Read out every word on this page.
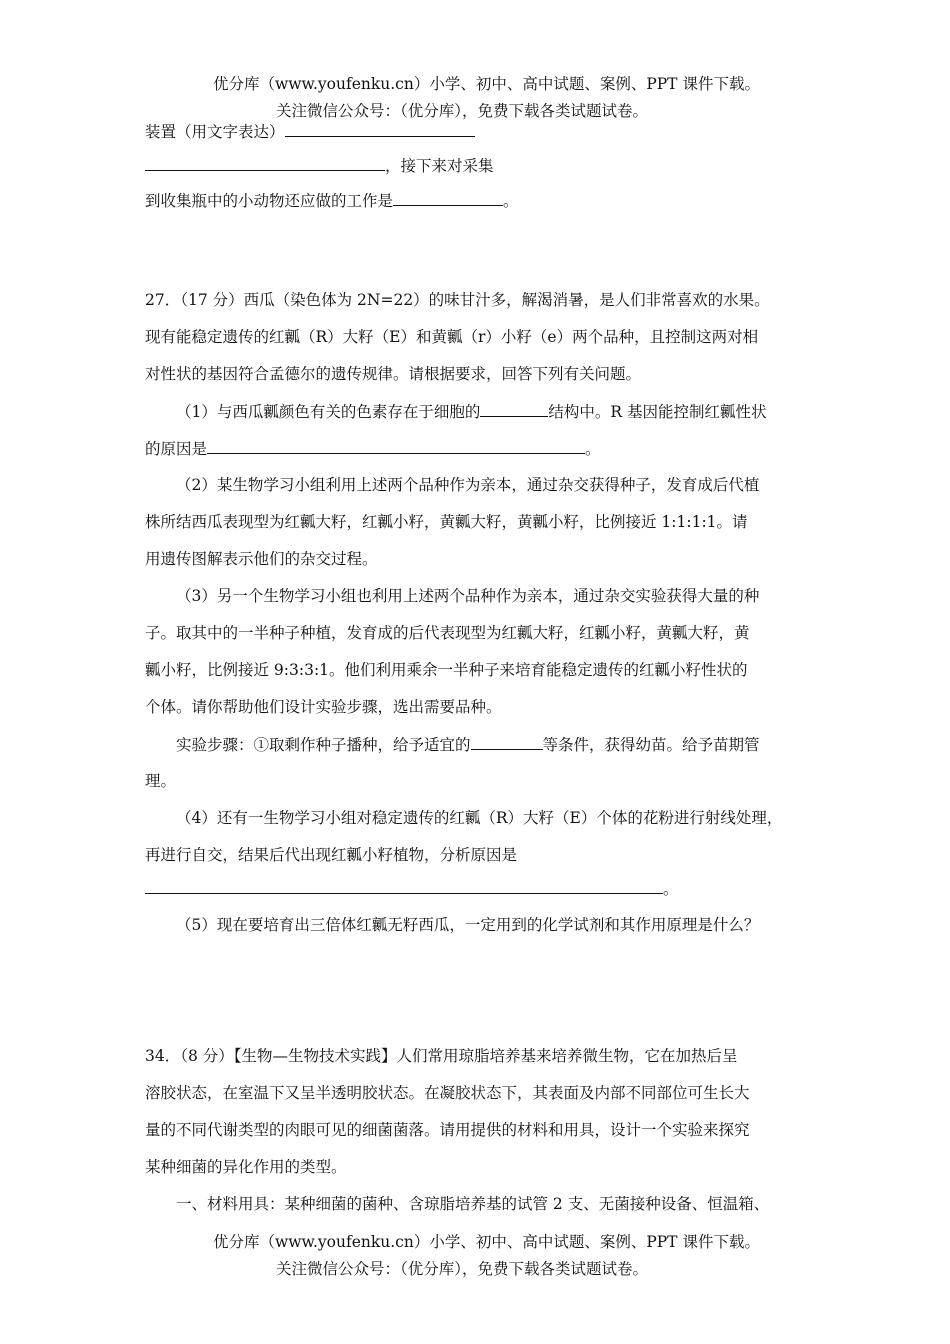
优分库（www.youfenku.cn）小学、初中、高中试题、案例、PPT 课件下载。
关注微信公众号：（优分库），免费下载各类试题试卷。
装置（用文字表达）
，接下来对采集
到收集瓶中的小动物还应做的工作是	。
27．（17 分）西瓜（染色体为 2N=22）的味甘汁多，解渴消暑，是人们非常喜欢的水果。
现有能稳定遗传的红瓤（R）大籽（E）和黄瓤（r）小籽（e）两个品种，且控制这两对相
对性状的基因符合孟德尔的遗传规律。请根据要求，回答下列有关问题。
（1）与西瓜瓤颜色有关的色素存在于细胞的	结构中。R 基因能控制红瓤性状
的原因是	。
（2）某生物学习小组利用上述两个品种作为亲本，通过杂交获得种子，发育成后代植
株所结西瓜表现型为红瓤大籽，红瓤小籽，黄瓤大籽，黄瓤小籽，比例接近 1:1:1:1。请
用遗传图解表示他们的杂交过程。
（3）另一个生物学习小组也利用上述两个品种作为亲本，通过杂交实验获得大量的种
子。取其中的一半种子种植，发育成的后代表现型为红瓤大籽，红瓤小籽，黄瓤大籽，黄
瓤小籽，比例接近 9:3:3:1。他们利用乘余一半种子来培育能稳定遗传的红瓤小籽性状的
个体。请你帮助他们设计实验步骤，选出需要品种。
实验步骤：①取剩作种子播种，给予适宜的	等条件，获得幼苗。给予苗期管
理。
（4）还有一生物学习小组对稳定遗传的红瓤（R）大籽（E）个体的花粉进行射线处理，
再进行自交，结果后代出现红瓤小籽植物，分析原因是
。
（5）现在要培育出三倍体红瓤无籽西瓜，一定用到的化学试剂和其作用原理是什么？
34．（8 分）【生物—生物技术实践】人们常用琼脂培养基来培养微生物，它在加热后呈
溶胶状态，在室温下又呈半透明胶状态。在凝胶状态下，其表面及内部不同部位可生长大
量的不同代谢类型的肉眼可见的细菌菌落。请用提供的材料和用具，设计一个实验来探究
某种细菌的异化作用的类型。
一、材料用具：某种细菌的菌种、含琼脂培养基的试管 2 支、无菌接种设备、恒温箱、
优分库（www.youfenku.cn）小学、初中、高中试题、案例、PPT 课件下载。
关注微信公众号：（优分库），免费下载各类试题试卷。
